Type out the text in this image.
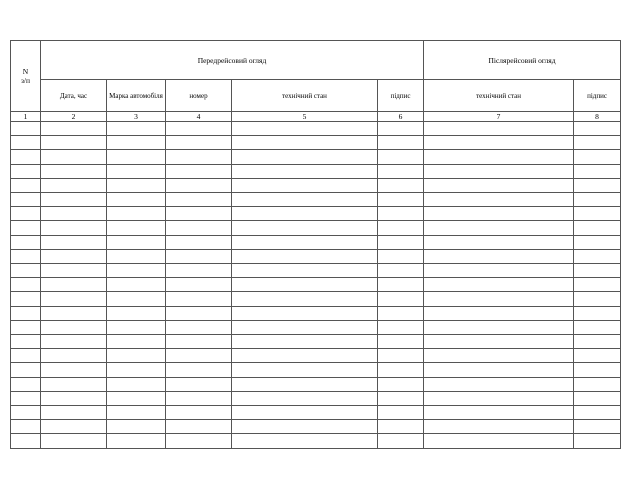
N
з/п	Передрейсовий огляд					Післярейсовий огляд	
	Дата, час	Марка автомобіля	номер	технічний стан	підпис	технічний стан	підпис
1	2	3	4	5	6	7	8
